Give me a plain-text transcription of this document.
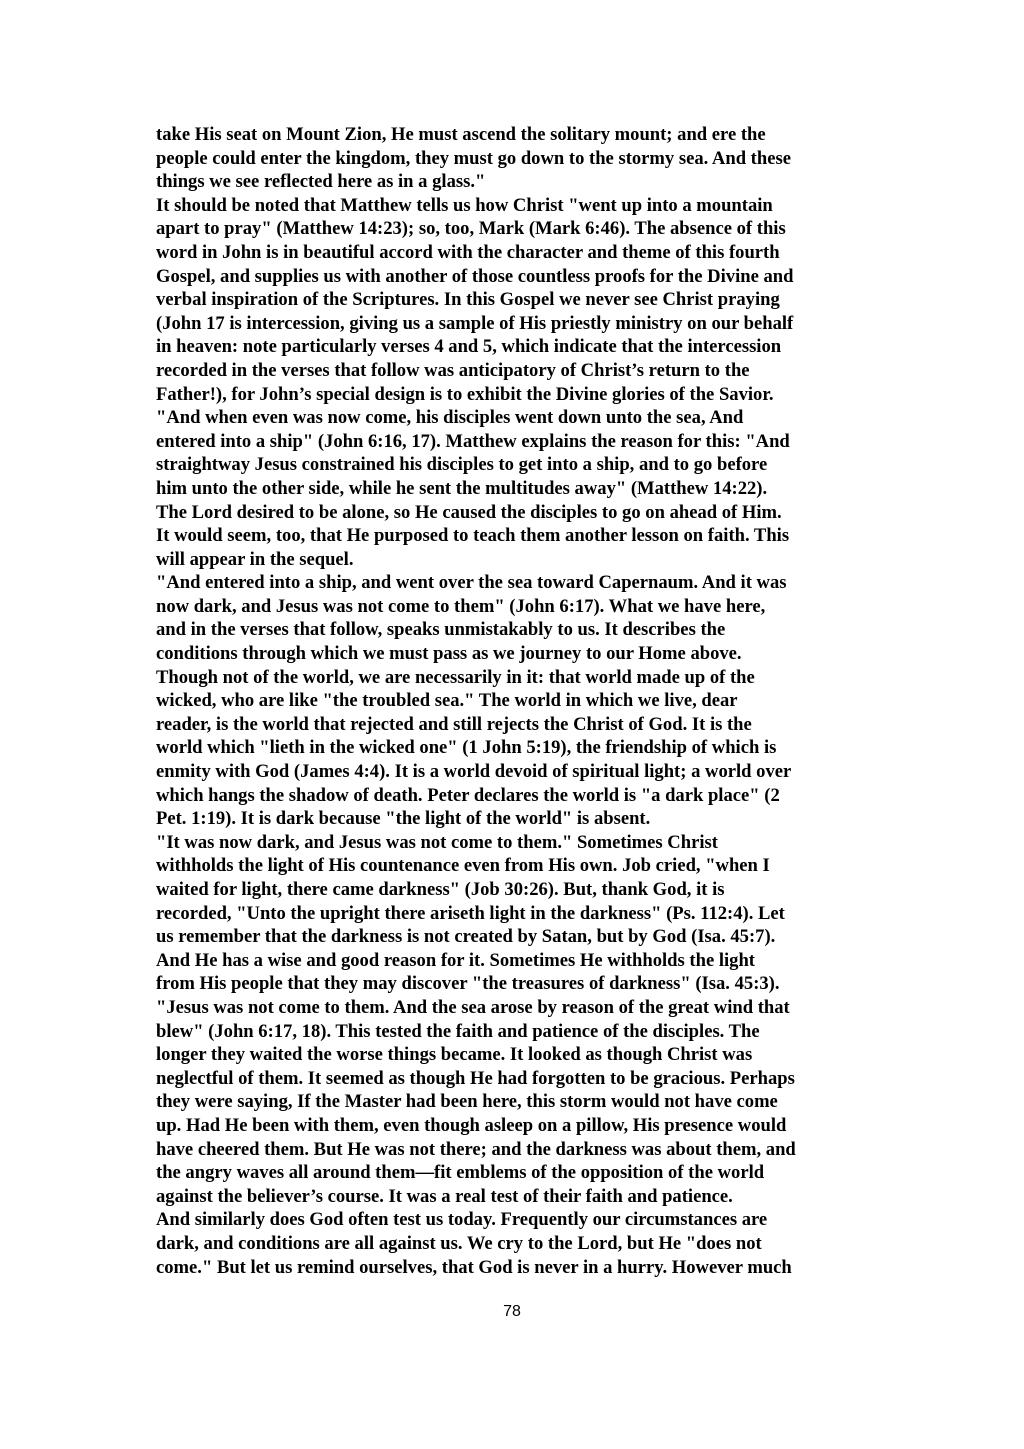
take His seat on Mount Zion, He must ascend the solitary mount; and ere the
people could enter the kingdom, they must go down to the stormy sea. And these
things we see reflected here as in a glass."
It should be noted that Matthew tells us how Christ "went up into a mountain
apart to pray" (Matthew 14:23); so, too, Mark (Mark 6:46). The absence of this
word in John is in beautiful accord with the character and theme of this fourth
Gospel, and supplies us with another of those countless proofs for the Divine and
verbal inspiration of the Scriptures. In this Gospel we never see Christ praying
(John 17 is intercession, giving us a sample of His priestly ministry on our behalf
in heaven: note particularly verses 4 and 5, which indicate that the intercession
recorded in the verses that follow was anticipatory of Christ’s return to the
Father!), for John’s special design is to exhibit the Divine glories of the Savior.
"And when even was now come, his disciples went down unto the sea, And
entered into a ship" (John 6:16, 17). Matthew explains the reason for this: "And
straightway Jesus constrained his disciples to get into a ship, and to go before
him unto the other side, while he sent the multitudes away" (Matthew 14:22).
The Lord desired to be alone, so He caused the disciples to go on ahead of Him.
It would seem, too, that He purposed to teach them another lesson on faith. This
will appear in the sequel.
"And entered into a ship, and went over the sea toward Capernaum. And it was
now dark, and Jesus was not come to them" (John 6:17). What we have here,
and in the verses that follow, speaks unmistakably to us. It describes the
conditions through which we must pass as we journey to our Home above.
Though not of the world, we are necessarily in it: that world made up of the
wicked, who are like "the troubled sea." The world in which we live, dear
reader, is the world that rejected and still rejects the Christ of God. It is the
world which "lieth in the wicked one" (1 John 5:19), the friendship of which is
enmity with God (James 4:4). It is a world devoid of spiritual light; a world over
which hangs the shadow of death. Peter declares the world is "a dark place" (2
Pet. 1:19). It is dark because "the light of the world" is absent.
"It was now dark, and Jesus was not come to them." Sometimes Christ
withholds the light of His countenance even from His own. Job cried, "when I
waited for light, there came darkness" (Job 30:26). But, thank God, it is
recorded, "Unto the upright there ariseth light in the darkness" (Ps. 112:4). Let
us remember that the darkness is not created by Satan, but by God (Isa. 45:7).
And He has a wise and good reason for it. Sometimes He withholds the light
from His people that they may discover "the treasures of darkness" (Isa. 45:3).
"Jesus was not come to them. And the sea arose by reason of the great wind that
blew" (John 6:17, 18). This tested the faith and patience of the disciples. The
longer they waited the worse things became. It looked as though Christ was
neglectful of them. It seemed as though He had forgotten to be gracious. Perhaps
they were saying, If the Master had been here, this storm would not have come
up. Had He been with them, even though asleep on a pillow, His presence would
have cheered them. But He was not there; and the darkness was about them, and
the angry waves all around them—fit emblems of the opposition of the world
against the believer’s course. It was a real test of their faith and patience.
And similarly does God often test us today. Frequently our circumstances are
dark, and conditions are all against us. We cry to the Lord, but He "does not
come." But let us remind ourselves, that God is never in a hurry. However much
78
